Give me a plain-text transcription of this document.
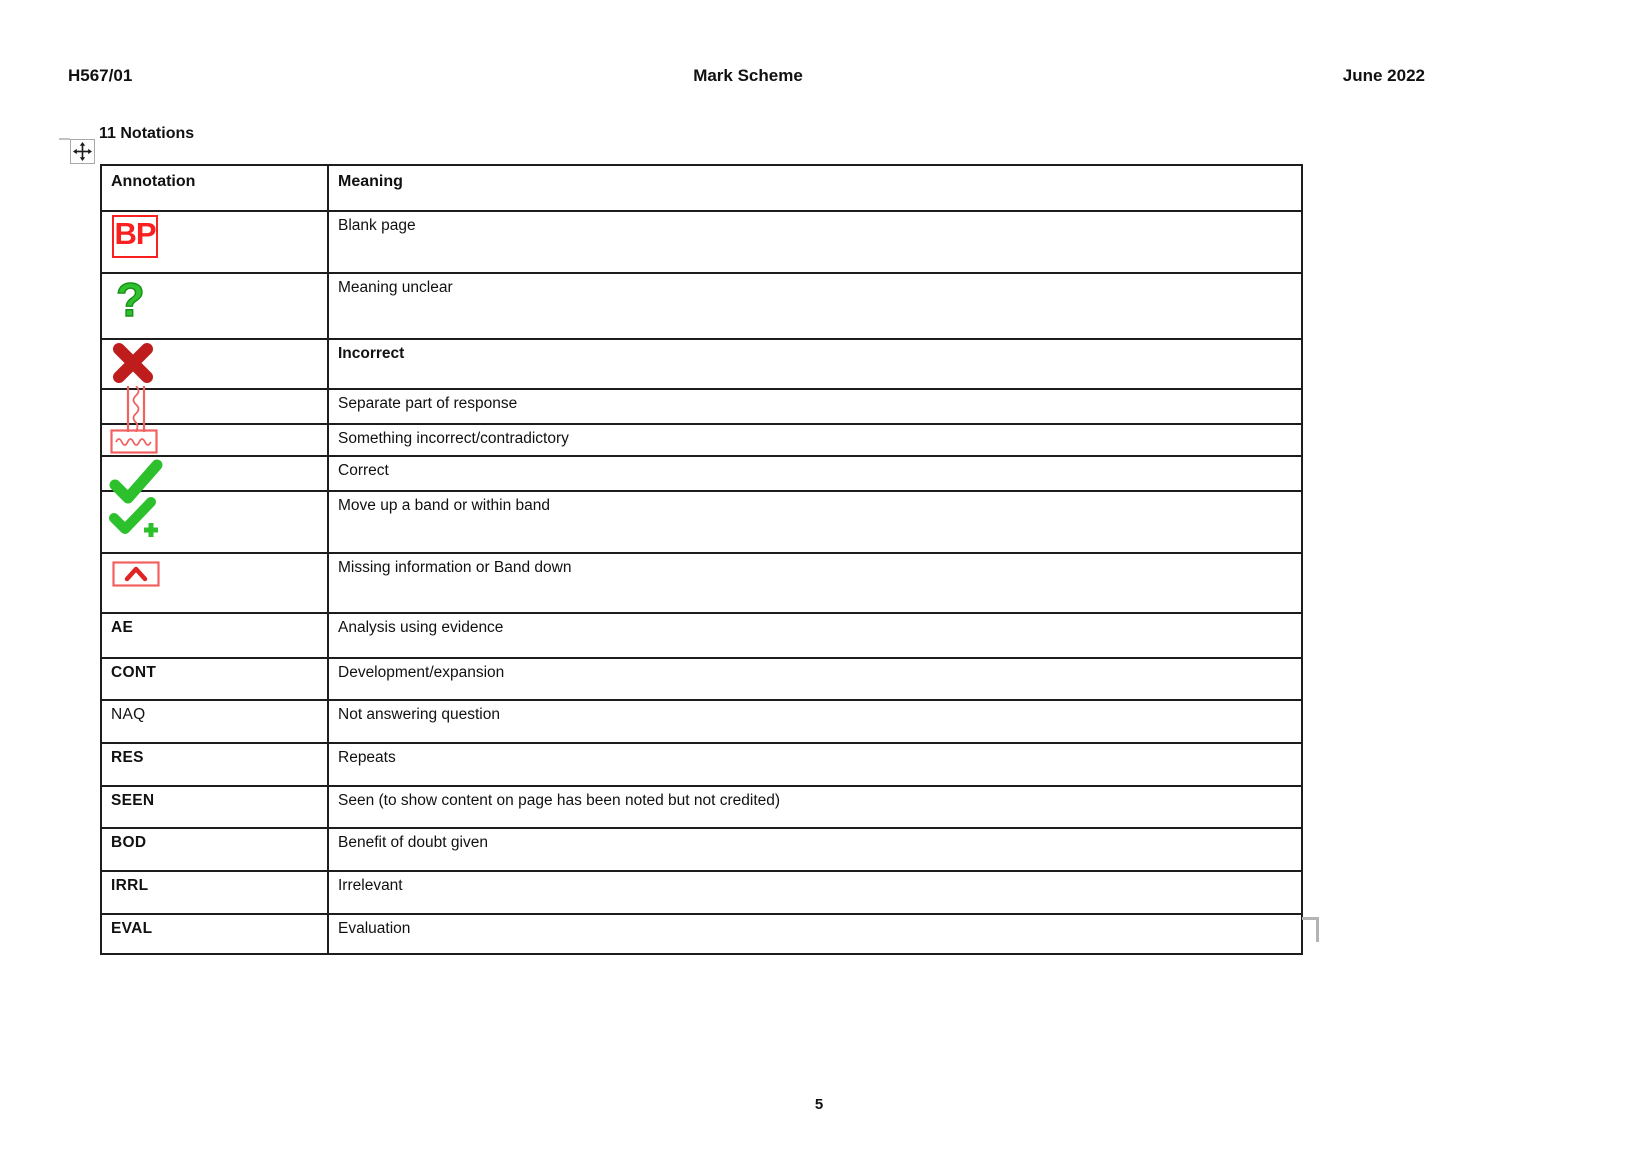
H567/01	Mark Scheme	June 2022
11 Notations
Annotation	Meaning

BP	Blank page

?	Meaning unclear

	Incorrect

	Separate part of response

	Something incorrect/contradictory

	Correct

	Move up a band or within band

	Missing information or Band down
AE	Analysis using evidence
CONT	Development/expansion
NAQ	Not answering question
RES	Repeats
SEEN	Seen (to show content on page has been noted but not credited)
BOD	Benefit of doubt given
IRRL	Irrelevant
EVAL	Evaluation
5
